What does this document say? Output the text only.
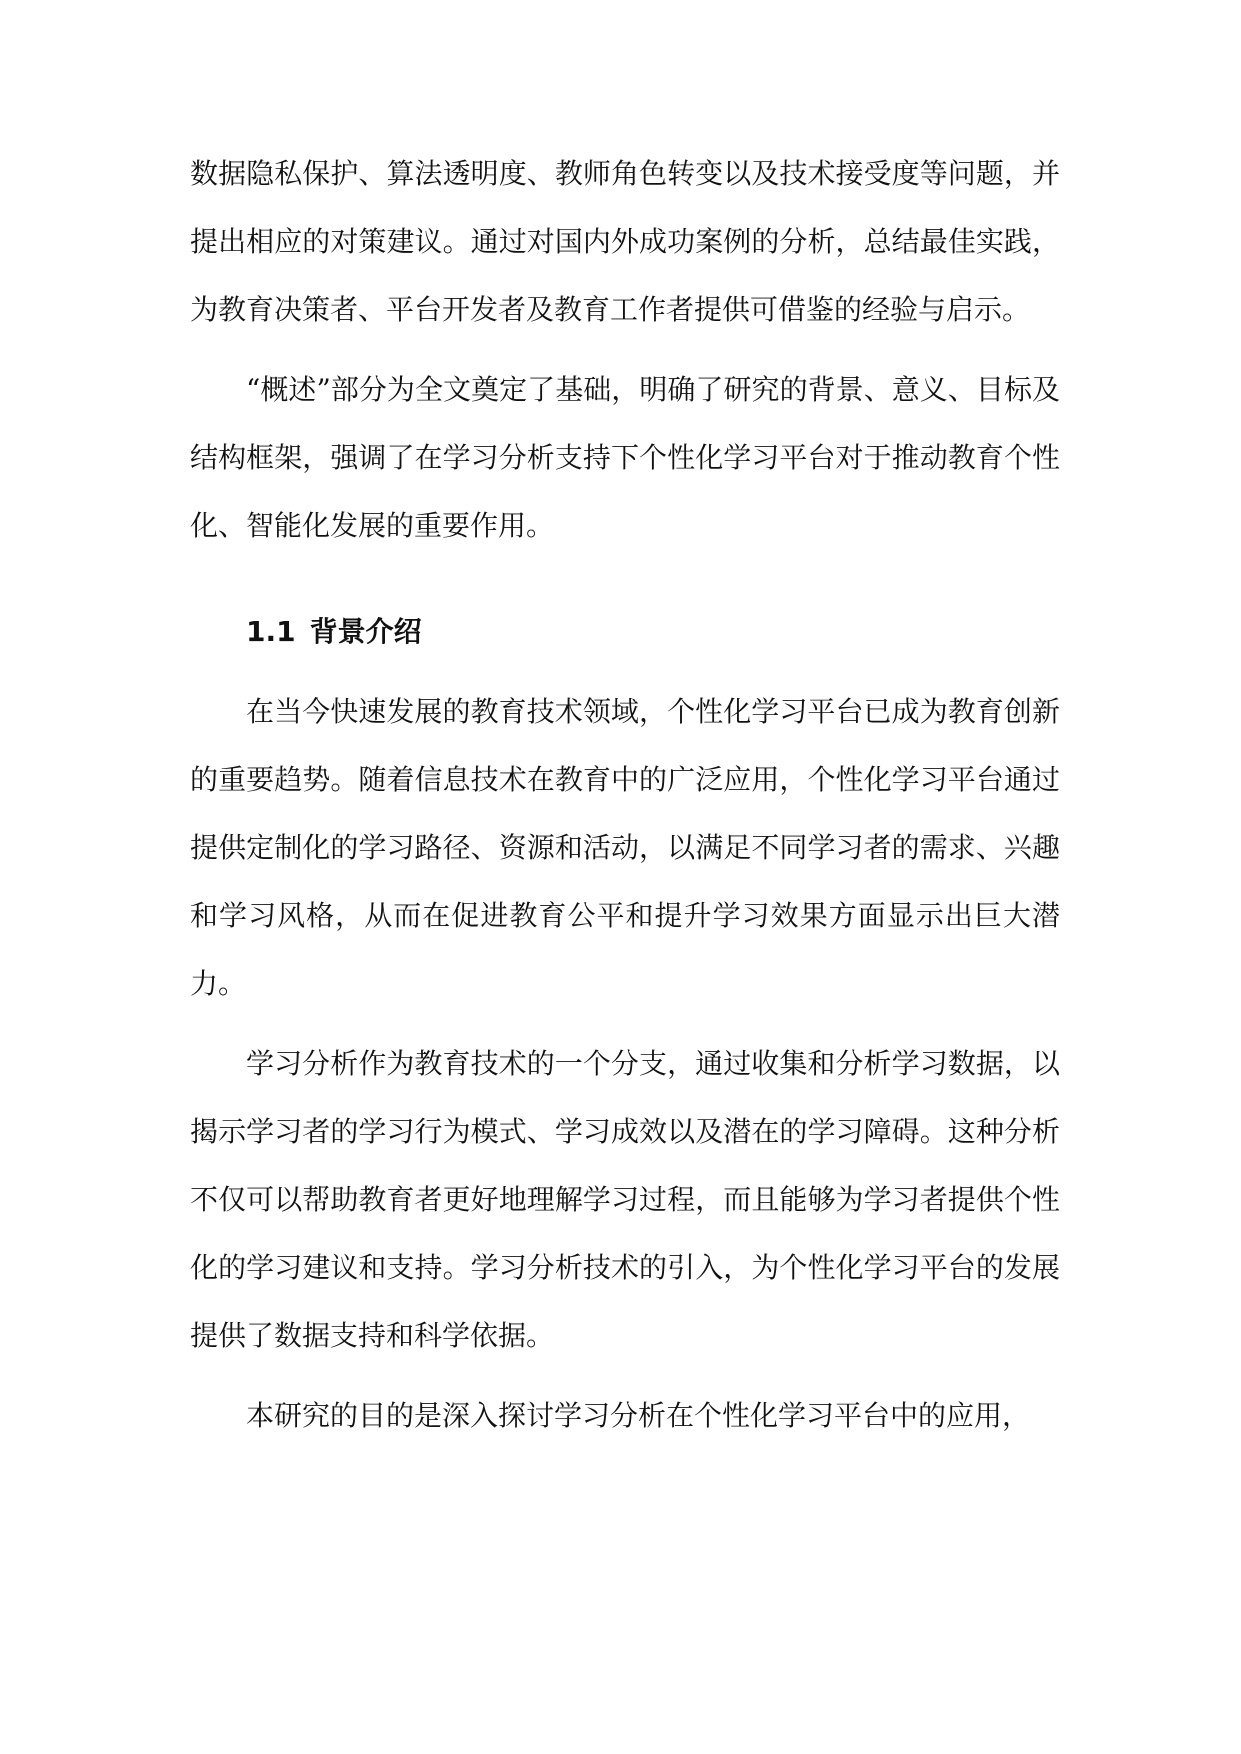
数据隐私保护、算法透明度、教师角色转变以及技术接受度等问题，并提出相应的对策建议。通过对国内外成功案例的分析，总结最佳实践，为教育决策者、平台开发者及教育工作者提供可借鉴的经验与启示。

“概述”部分为全文奠定了基础，明确了研究的背景、意义、目标及结构框架，强调了在学习分析支持下个性化学习平台对于推动教育个性化、智能化发展的重要作用。

1.1 背景介绍

在当今快速发展的教育技术领域，个性化学习平台已成为教育创新的重要趋势。随着信息技术在教育中的广泛应用，个性化学习平台通过提供定制化的学习路径、资源和活动，以满足不同学习者的需求、兴趣和学习风格，从而在促进教育公平和提升学习效果方面显示出巨大潜力。

学习分析作为教育技术的一个分支，通过收集和分析学习数据，以揭示学习者的学习行为模式、学习成效以及潜在的学习障碍。这种分析不仅可以帮助教育者更好地理解学习过程，而且能够为学习者提供个性化的学习建议和支持。学习分析技术的引入，为个性化学习平台的发展提供了数据支持和科学依据。

本研究的目的是深入探讨学习分析在个性化学习平台中的应用，
